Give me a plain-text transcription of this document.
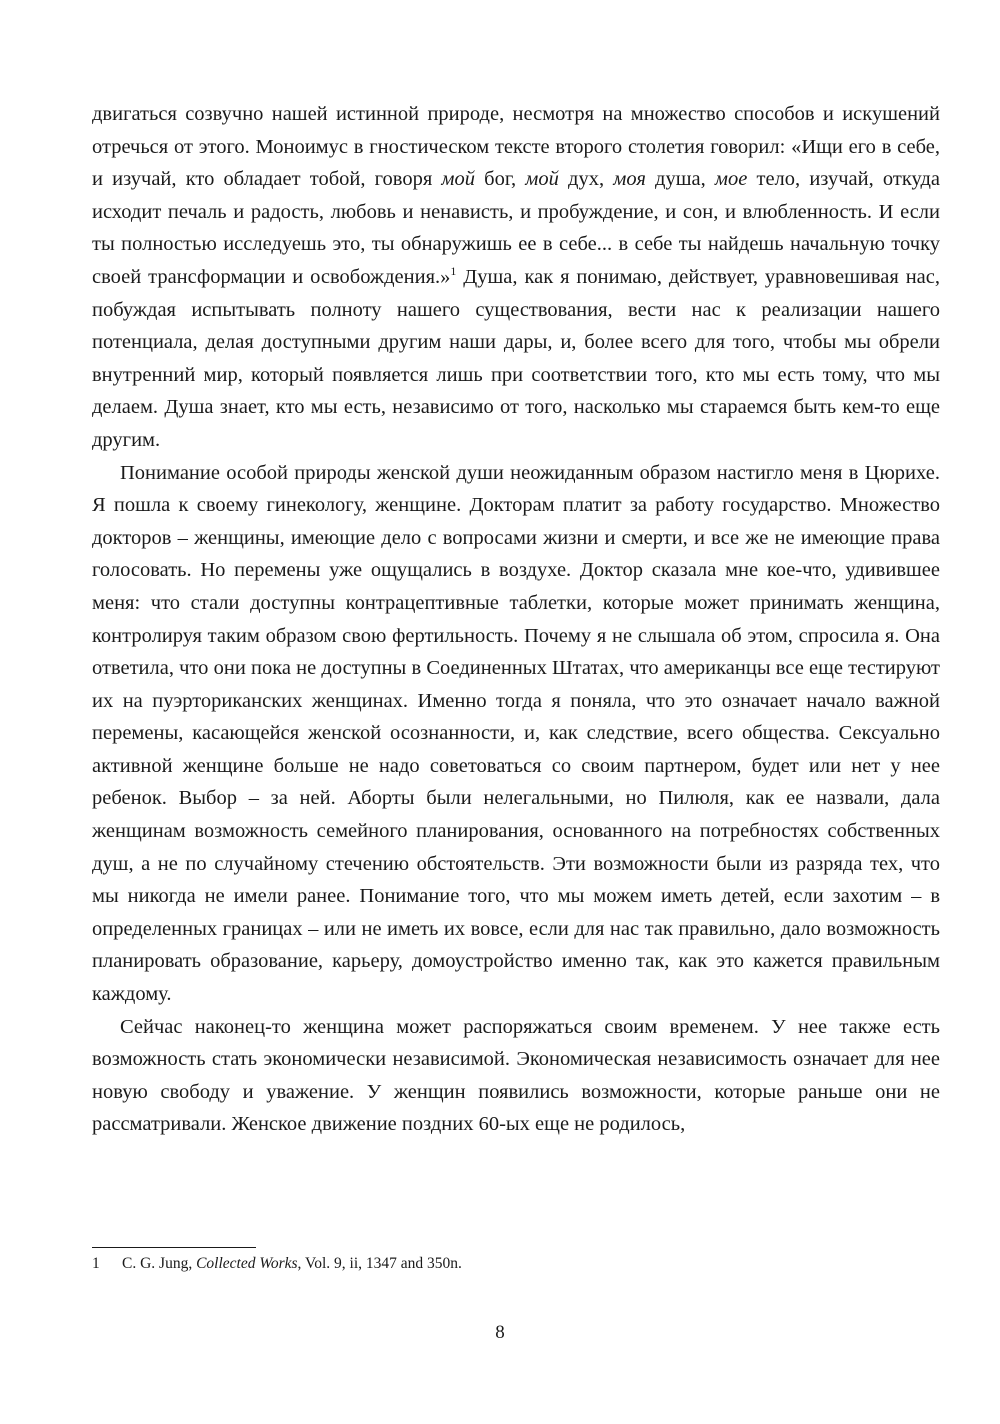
двигаться созвучно нашей истинной природе, несмотря на множество способов и искушений отречься от этого. Моноимус в гностическом тексте второго столетия говорил: «Ищи его в себе, и изучай, кто обладает тобой, говоря мой бог, мой дух, моя душа, мое тело, изучай, откуда исходит печаль и радость, любовь и ненависть, и пробуждение, и сон, и влюбленность. И если ты полностью исследуешь это, ты обнаружишь ее в себе... в себе ты найдешь начальную точку своей трансформации и освобождения.»$^1$ Душа, как я понимаю, действует, уравновешивая нас, побуждая испытывать полноту нашего существования, вести нас к реализации нашего потенциала, делая доступными другим наши дары, и, более всего для того, чтобы мы обрели внутренний мир, который появляется лишь при соответствии того, кто мы есть тому, что мы делаем. Душа знает, кто мы есть, независимо от того, насколько мы стараемся быть кем-то еще другим.

Понимание особой природы женской души неожиданным образом настигло меня в Цюрихе. Я пошла к своему гинекологу, женщине. Докторам платит за работу государство. Множество докторов – женщины, имеющие дело с вопросами жизни и смерти, и все же не имеющие права голосовать. Но перемены уже ощущались в воздухе. Доктор сказала мне кое-что, удивившее меня: что стали доступны контрацептивные таблетки, которые может принимать женщина, контролируя таким образом свою фертильность. Почему я не слышала об этом, спросила я. Она ответила, что они пока не доступны в Соединенных Штатах, что американцы все еще тестируют их на пуэрториканских женщинах. Именно тогда я поняла, что это означает начало важной перемены, касающейся женской осознанности, и, как следствие, всего общества. Сексуально активной женщине больше не надо советоваться со своим партнером, будет или нет у нее ребенок. Выбор – за ней. Аборты были нелегальными, но Пилюля, как ее назвали, дала женщинам возможность семейного планирования, основанного на потребностях собственных душ, а не по случайному стечению обстоятельств. Эти возможности были из разряда тех, что мы никогда не имели ранее. Понимание того, что мы можем иметь детей, если захотим – в определенных границах – или не иметь их вовсе, если для нас так правильно, дало возможность планировать образование, карьеру, домоустройство именно так, как это кажется правильным каждому.

Сейчас наконец-то женщина может распоряжаться своим временем. У нее также есть возможность стать экономически независимой. Экономическая независимость означает для нее новую свободу и уважение. У женщин появились возможности, которые раньше они не рассматривали. Женское движение поздних 60-ых еще не родилось,

1 C. G. Jung, Collected Works, Vol. 9, ii, 1347 and 350n.
8
